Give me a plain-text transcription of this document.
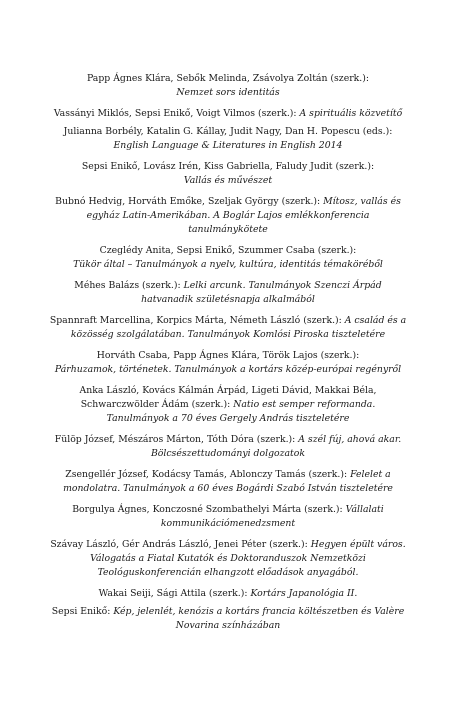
Papp Ágnes Klára, Sebők Melinda, Zsávolya Zoltán (szerk.):
Nemzet sors identitás
Vassányi Miklós, Sepsi Enikő, Voigt Vilmos (szerk.): A spirituális közvetítő
Julianna Borbély, Katalin G. Kállay, Judit Nagy, Dan H. Popescu (eds.):
English Language & Literatures in English 2014
Sepsi Enikő, Lovász Irén, Kiss Gabriella, Faludy Judit (szerk.):
Vallás és művészet
Bubnó Hedvig, Horváth Emőke, Szeljak György (szerk.): Mítosz, vallás és
egyház Latin-Amerikában. A Boglár Lajos emlékkonferencia
tanulmánykötete
Czeglédy Anita, Sepsi Enikő, Szummer Csaba (szerk.):
Tükör által – Tanulmányok a nyelv, kultúra, identitás témaköréből
Méhes Balázs (szerk.): Lelki arcunk. Tanulmányok Szenczi Árpád
hatvanadik születésnapja alkalmából
Spannraft Marcellina, Korpics Márta, Németh László (szerk.): A család és a
közösség szolgálatában. Tanulmányok Komlósi Piroska tiszteletére
Horváth Csaba, Papp Ágnes Klára, Török Lajos (szerk.):
Párhuzamok, történetek. Tanulmányok a kortárs közép-európai regényről
Anka László, Kovács Kálmán Árpád, Ligeti Dávid, Makkai Béla,
Schwarczwölder Ádám (szerk.): Natio est semper reformanda.
Tanulmányok a 70 éves Gergely András tiszteletére
Fülöp József, Mészáros Márton, Tóth Dóra (szerk.): A szél fúj, ahová akar.
Bölcsészettudományi dolgozatok
Zsengellér József, Kodácsy Tamás, Ablonczy Tamás (szerk.): Felelet a
mondolatra. Tanulmányok a 60 éves Bogárdi Szabó István tiszteletére
Borgulya Ágnes, Konczosné Szombathelyi Márta (szerk.): Vállalati
kommunikációmenedzsment
Szávay László, Gér András László, Jenei Péter (szerk.): Hegyen épült város.
Válogatás a Fiatal Kutatók és Doktoranduszok Nemzetközi
Teológuskonferencián elhangzott előadások anyagából.
Wakai Seiji, Sági Attila (szerk.): Kortárs Japanológia II.
Sepsi Enikő: Kép, jelenlét, kenózis a kortárs francia költészetben és Valère
Novarina színházában
